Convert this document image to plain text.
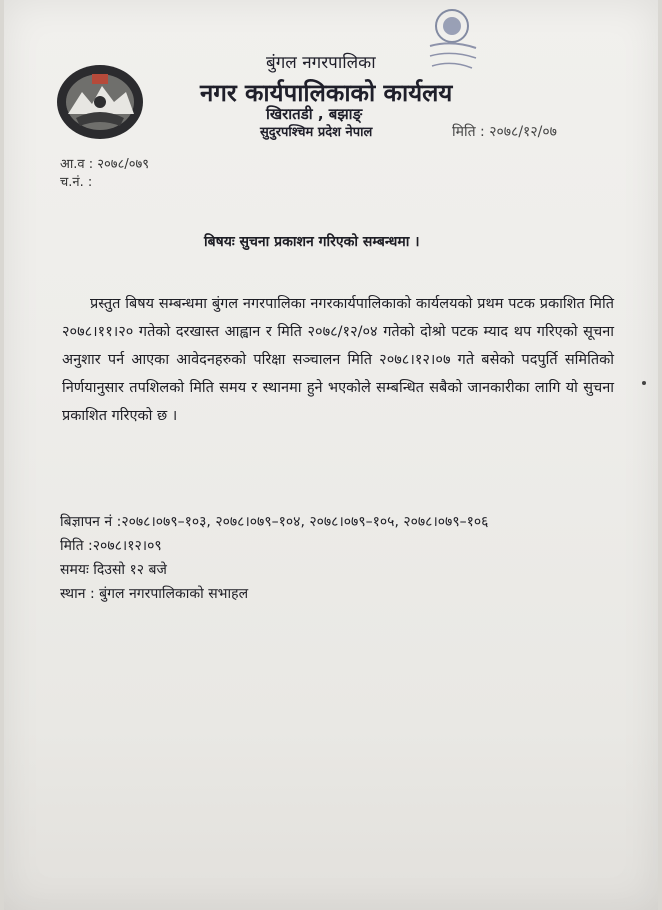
बुंगल नगरपालिका
नगर कार्यपालिकाको कार्यलय
खिरातडी , बझाङ्
सुदुरपश्चिम प्रदेश नेपाल	मिति : २०७८/१२/०७
आ.व : २०७८/०७९
च.नं. :
बिषयः सुचना प्रकाशन गरिएको सम्बन्धमा ।
प्रस्तुत बिषय सम्बन्धमा बुंगल नगरपालिका नगरकार्यपालिकाको कार्यलयको प्रथम पटक प्रकाशित मिति २०७८।११।२० गतेको दरखास्त आह्वान र मिति २०७८/१२/०४ गतेको दोश्रो पटक म्याद थप गरिएको सूचना अनुशार पर्न आएका आवेदनहरुको परिक्षा सञ्चालन मिति २०७८।१२।०७ गते बसेको पदपुर्ति समितिको निर्णयानुसार तपशिलको मिति समय र स्थानमा हुने भएकोले सम्बन्धित सबैको जानकारीका लागि यो सुचना प्रकाशित गरिएको छ ।
बिज्ञापन नं :२०७८।०७९–१०३, २०७८।०७९–१०४, २०७८।०७९–१०५, २०७८।०७९–१०६
मिति :२०७८।१२।०९
समयः दिउसो १२ बजे
स्थान : बुंगल नगरपालिकाको सभाहल
